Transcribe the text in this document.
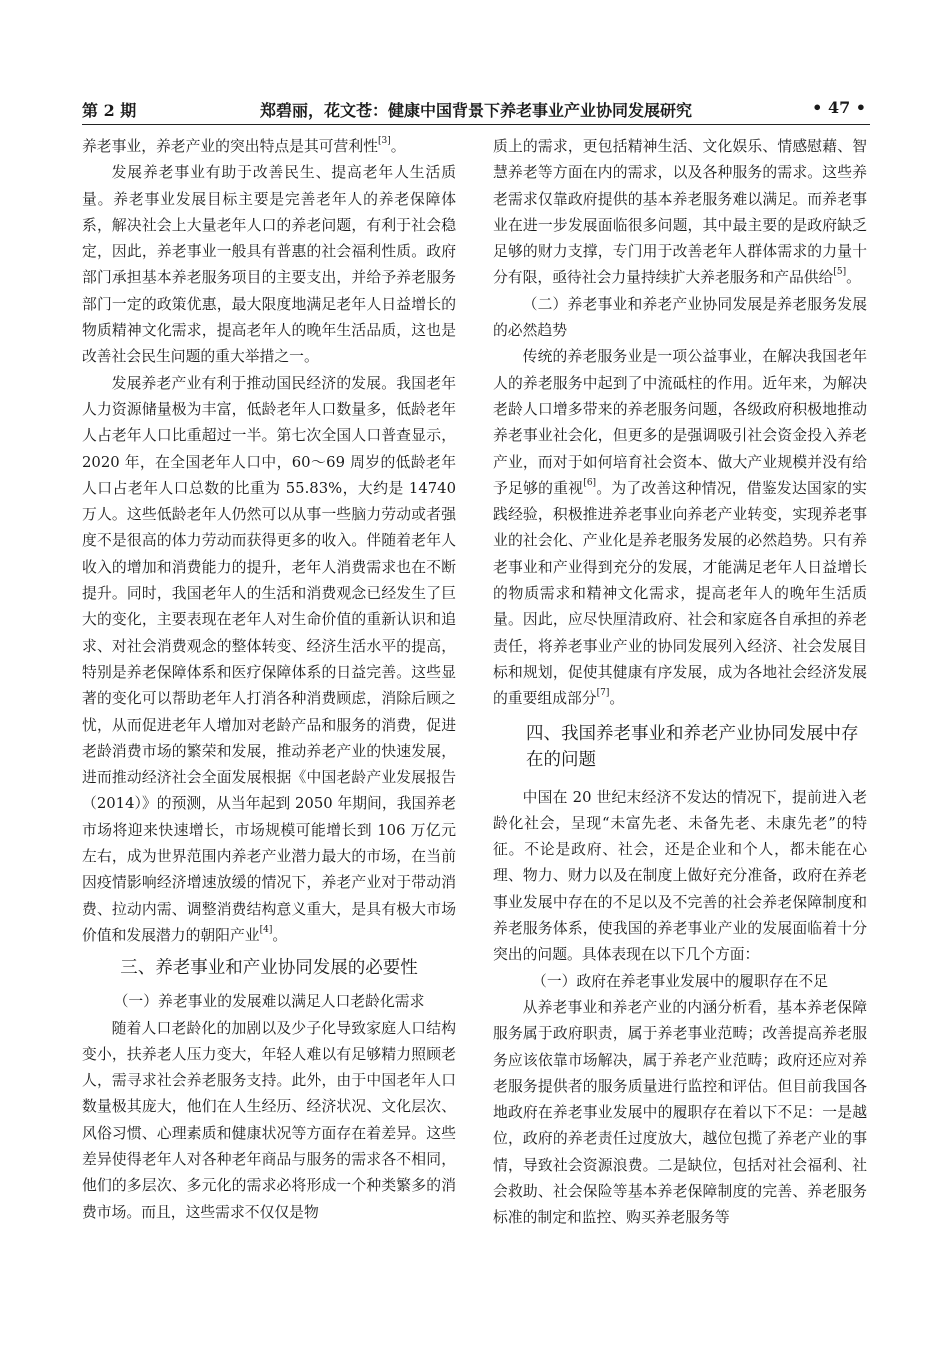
第 2 期	郑碧丽，花文苍：健康中国背景下养老事业产业协同发展研究	• 47 •

养老事业，养老产业的突出特点是其可营利性[3]。

发展养老事业有助于改善民生、提高老年人生活质量。养老事业发展目标主要是完善老年人的养老保障体系，解决社会上大量老年人口的养老问题，有利于社会稳定，因此，养老事业一般具有普惠的社会福利性质。政府部门承担基本养老服务项目的主要支出，并给予养老服务部门一定的政策优惠，最大限度地满足老年人日益增长的物质精神文化需求，提高老年人的晚年生活品质，这也是改善社会民生问题的重大举措之一。

发展养老产业有利于推动国民经济的发展。我国老年人力资源储量极为丰富，低龄老年人口数量多，低龄老年人占老年人口比重超过一半。第七次全国人口普查显示，2020 年，在全国老年人口中，60～69 周岁的低龄老年人口占老年人口总数的比重为 55.83%，大约是 14740 万人。这些低龄老年人仍然可以从事一些脑力劳动或者强度不是很高的体力劳动而获得更多的收入。伴随着老年人收入的增加和消费能力的提升，老年人消费需求也在不断提升。同时，我国老年人的生活和消费观念已经发生了巨大的变化，主要表现在老年人对生命价值的重新认识和追求、对社会消费观念的整体转变、经济生活水平的提高，特别是养老保障体系和医疗保障体系的日益完善。这些显著的变化可以帮助老年人打消各种消费顾虑，消除后顾之忧，从而促进老年人增加对老龄产品和服务的消费，促进老龄消费市场的繁荣和发展，推动养老产业的快速发展，进而推动经济社会全面发展根据《中国老龄产业发展报告（2014）》的预测，从当年起到 2050 年期间，我国养老市场将迎来快速增长，市场规模可能增长到 106 万亿元左右，成为世界范围内养老产业潜力最大的市场，在当前因疫情影响经济增速放缓的情况下，养老产业对于带动消费、拉动内需、调整消费结构意义重大，是具有极大市场价值和发展潜力的朝阳产业[4]。

三、养老事业和产业协同发展的必要性

（一）养老事业的发展难以满足人口老龄化需求

随着人口老龄化的加剧以及少子化导致家庭人口结构变小，扶养老人压力变大，年轻人难以有足够精力照顾老人，需寻求社会养老服务支持。此外，由于中国老年人口数量极其庞大，他们在人生经历、经济状况、文化层次、风俗习惯、心理素质和健康状况等方面存在着差异。这些差异使得老年人对各种老年商品与服务的需求各不相同，他们的多层次、多元化的需求必将形成一个种类繁多的消费市场。而且，这些需求不仅仅是物

质上的需求，更包括精神生活、文化娱乐、情感慰藉、智慧养老等方面在内的需求，以及各种服务的需求。这些养老需求仅靠政府提供的基本养老服务难以满足。而养老事业在进一步发展面临很多问题，其中最主要的是政府缺乏足够的财力支撑，专门用于改善老年人群体需求的力量十分有限，亟待社会力量持续扩大养老服务和产品供给[5]。

（二）养老事业和养老产业协同发展是养老服务发展的必然趋势

传统的养老服务业是一项公益事业，在解决我国老年人的养老服务中起到了中流砥柱的作用。近年来，为解决老龄人口增多带来的养老服务问题，各级政府积极地推动养老事业社会化，但更多的是强调吸引社会资金投入养老产业，而对于如何培育社会资本、做大产业规模并没有给予足够的重视[6]。为了改善这种情况，借鉴发达国家的实践经验，积极推进养老事业向养老产业转变，实现养老事业的社会化、产业化是养老服务发展的必然趋势。只有养老事业和产业得到充分的发展，才能满足老年人日益增长的物质需求和精神文化需求，提高老年人的晚年生活质量。因此，应尽快厘清政府、社会和家庭各自承担的养老责任，将养老事业产业的协同发展列入经济、社会发展目标和规划，促使其健康有序发展，成为各地社会经济发展的重要组成部分[7]。

四、我国养老事业和养老产业协同发展中存在的问题

中国在 20 世纪末经济不发达的情况下，提前进入老龄化社会，呈现“未富先老、未备先老、未康先老”的特征。不论是政府、社会，还是企业和个人，都未能在心理、物力、财力以及在制度上做好充分准备，政府在养老事业发展中存在的不足以及不完善的社会养老保障制度和养老服务体系，使我国的养老事业产业的发展面临着十分突出的问题。具体表现在以下几个方面：

（一）政府在养老事业发展中的履职存在不足

从养老事业和养老产业的内涵分析看，基本养老保障服务属于政府职责，属于养老事业范畴；改善提高养老服务应该依靠市场解决，属于养老产业范畴；政府还应对养老服务提供者的服务质量进行监控和评估。但目前我国各地政府在养老事业发展中的履职存在着以下不足：一是越位，政府的养老责任过度放大，越位包揽了养老产业的事情，导致社会资源浪费。二是缺位，包括对社会福利、社会救助、社会保险等基本养老保障制度的完善、养老服务标准的制定和监控、购买养老服务等
